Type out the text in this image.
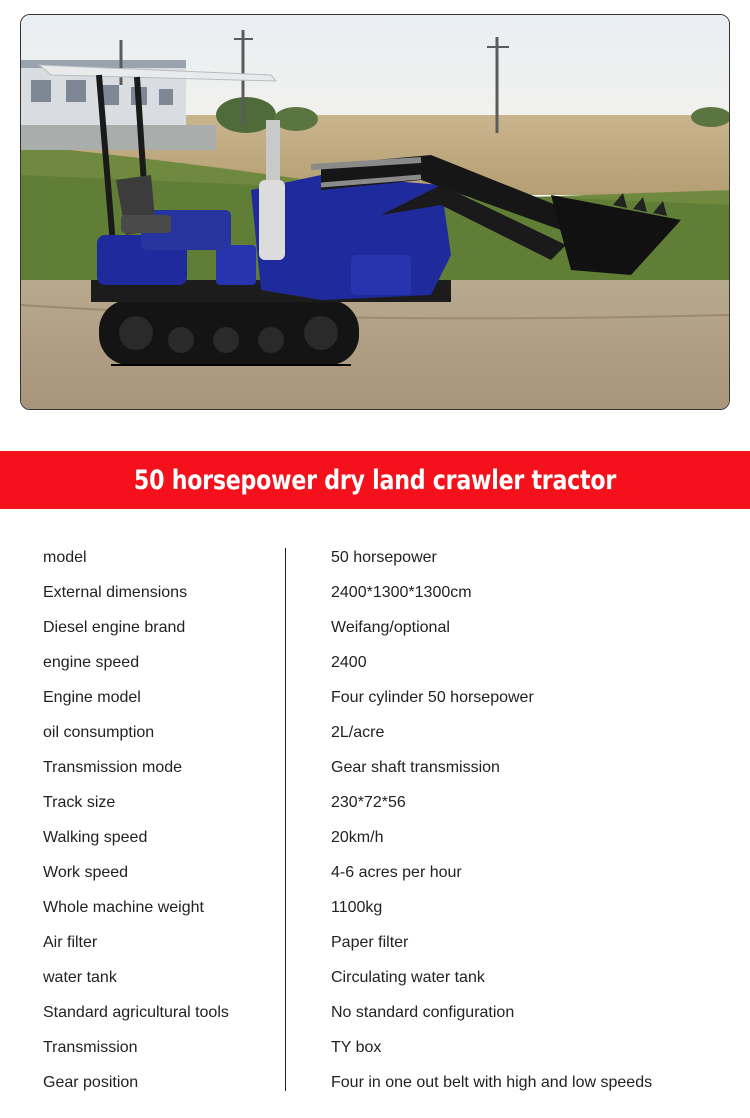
50 horsepower dry land crawler tractor
model	50 horsepower
External dimensions	2400*1300*1300cm
Diesel engine brand	Weifang/optional
engine speed	2400
Engine model	Four cylinder 50 horsepower
oil consumption	2L/acre
Transmission mode	Gear shaft transmission
Track size	230*72*56
Walking speed	20km/h
Work speed	4-6 acres per hour
Whole machine weight	1100kg
Air filter	Paper filter
water tank	Circulating water tank
Standard agricultural tools	No standard configuration
Transmission	TY box
Gear position	Four in one out belt with high and low speeds
